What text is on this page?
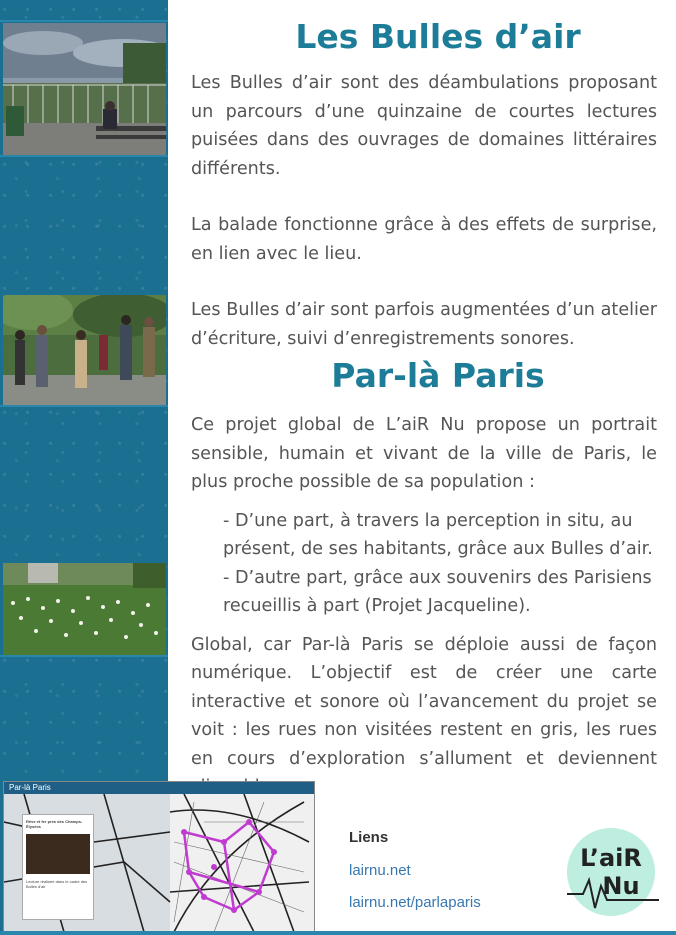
Les Bulles d’air

Les Bulles d’air sont des déambulations proposant un parcours d’une quinzaine de courtes lectures puisées dans des ouvrages de domaines littéraires différents.

La balade fonctionne grâce à des effets de surprise, en lien avec le lieu.

Les Bulles d’air sont parfois augmentées d’un atelier d’écriture, suivi d’enregistrements sonores.

Par-là Paris

Ce projet global de L’aiR Nu propose un portrait sensible, humain et vivant de la ville de Paris, le plus proche possible de sa population :

- D’une part, à travers la perception in situ, au présent, de ses habitants, grâce aux Bulles d’air.
- D’autre part, grâce aux souvenirs des Parisiens recueillis à part (Projet Jacqueline).

Global, car Par-là Paris se déploie aussi de façon numérique. L’objectif est de créer une carte interactive et sonore où l’avancement du projet se voit : les rues non visitées restent en gris, les rues en cours d’exploration s’allument et deviennent

Par-là Paris
Rêve et fer près des Champs-Élysées
Lecture réalisée dans le cadre des Bulles d'air
Liens
lairnu.net
lairnu.net/parlaparis
L’aiR
Nu
